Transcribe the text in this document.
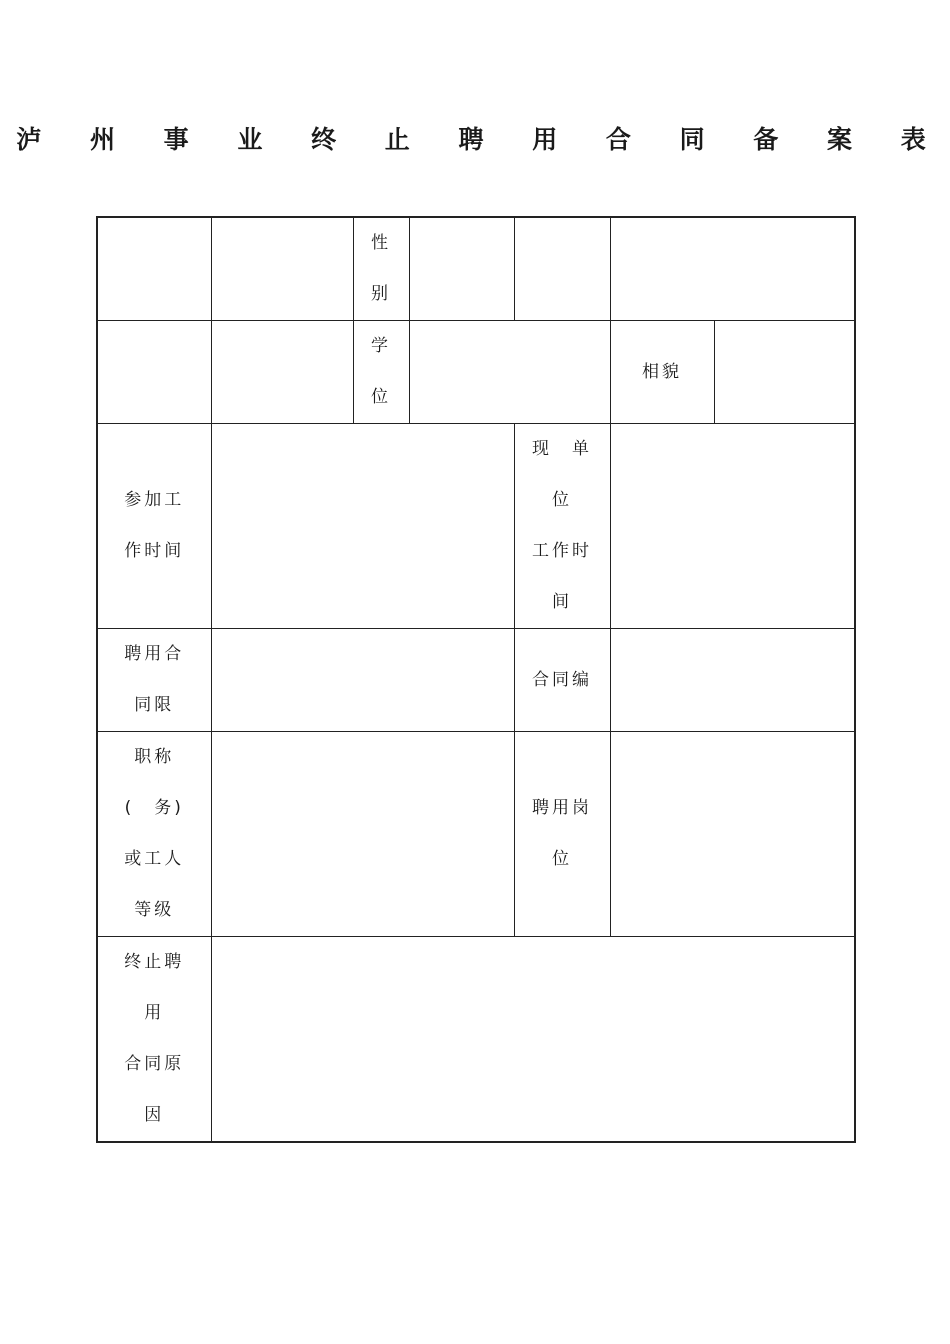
泸 州 事 业 终 止 聘 用 合 同 备 案 表

		性
别				

		学
位			相貌	

参加工
作时间				现　单
位
工作时
间		

聘用合
同限				合同编		

职称
(　务)
或工人
等级				聘用岗
位		

终止聘
用
合同原
因						
